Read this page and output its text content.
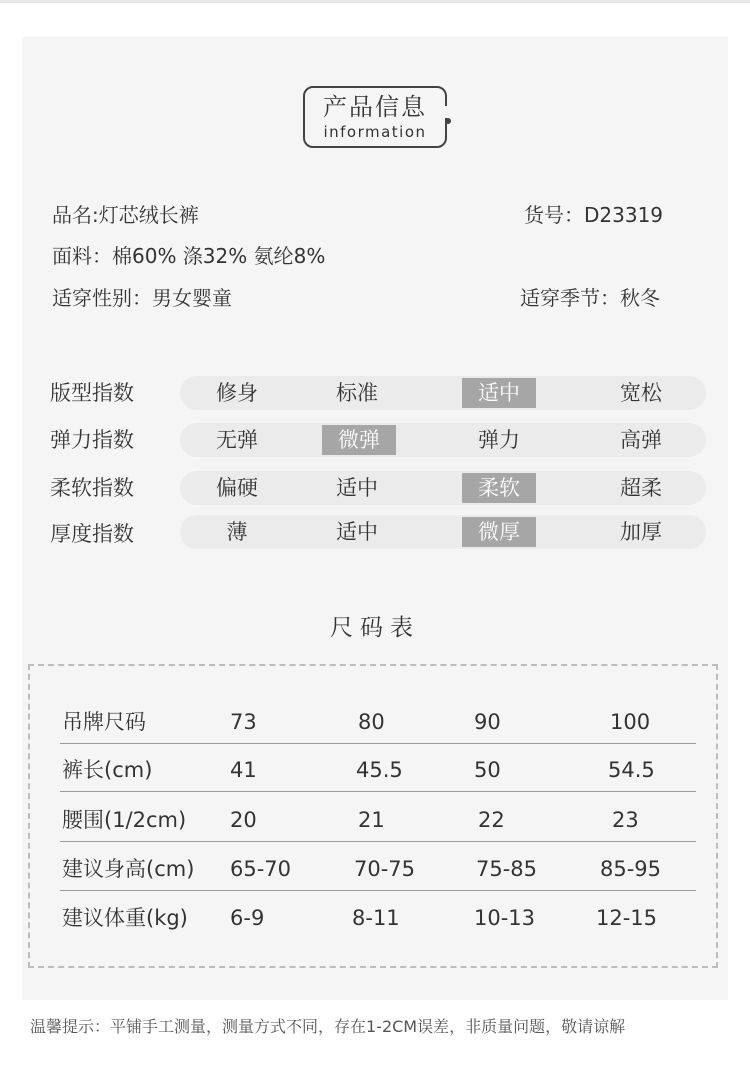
产品信息
information
品名:灯芯绒长裤	货号：D23319
面料：棉60% 涤32% 氨纶8%
适穿性别：男女婴童	适穿季节：秋冬
版型指数	修身	标准	适中	宽松
弹力指数	无弹	微弹	弹力	高弹
柔软指数	偏硬	适中	柔软	超柔
厚度指数	薄	适中	微厚	加厚
尺码表
吊牌尺码	73	80	90	100
裤长(cm)	41	45.5	50	54.5
腰围(1/2cm) 20	21	22	23
建议身高(cm) 65-70	70-75	75-85	85-95
建议体重(kg) 6-9	8-11	10-13	12-15
温馨提示：平铺手工测量，测量方式不同，存在1-2CM误差，非质量问题，敬请谅解
